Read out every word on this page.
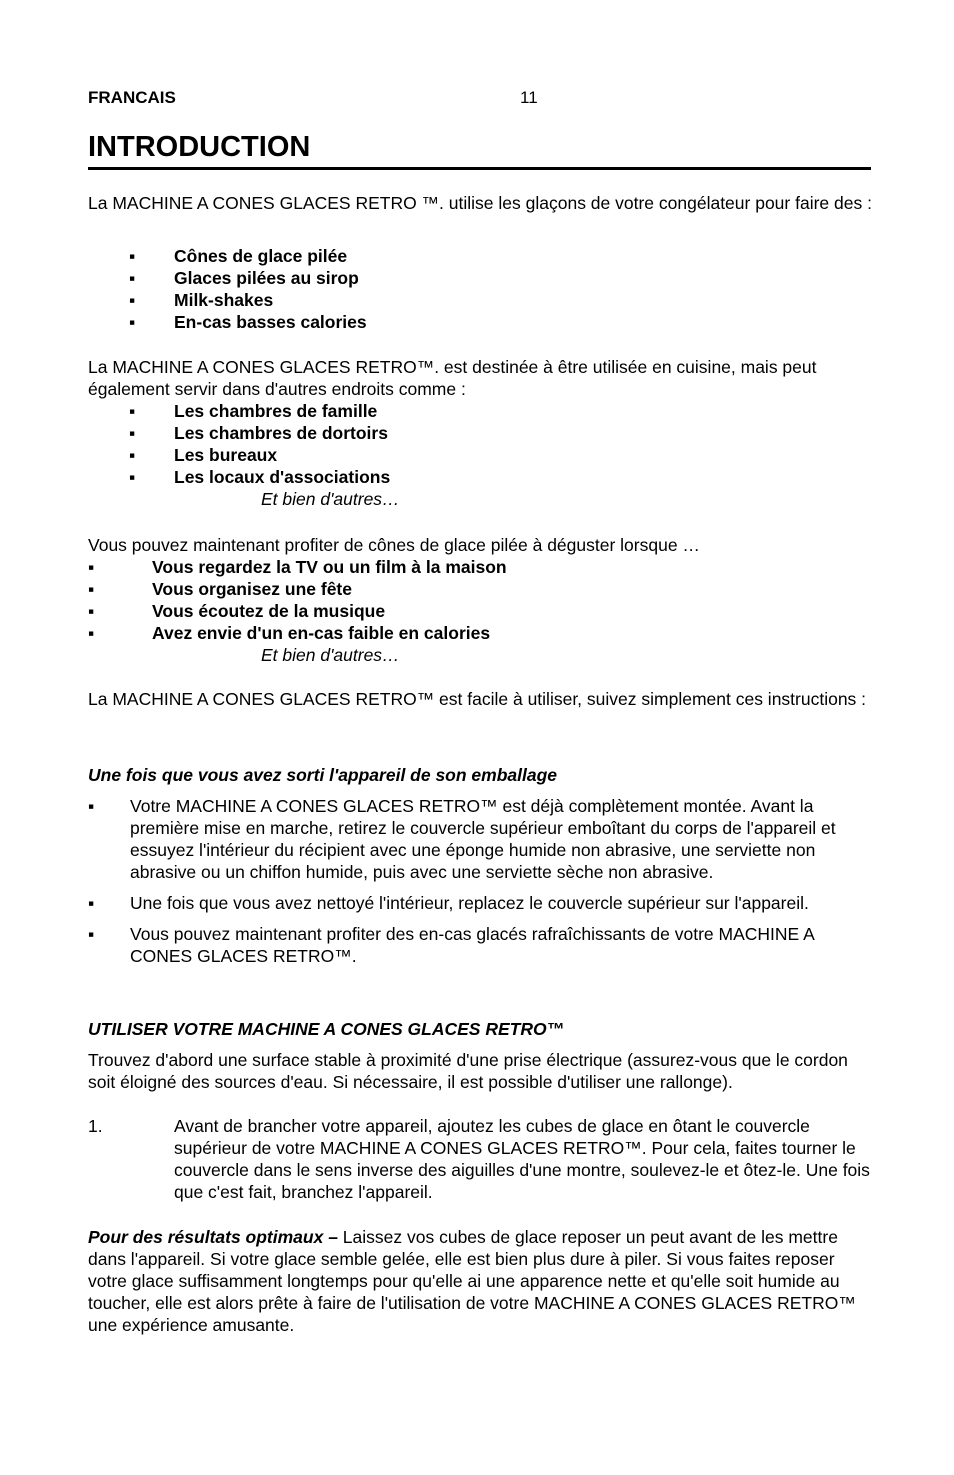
FRANCAIS	11
INTRODUCTION

La MACHINE A CONES GLACES RETRO ™. utilise les glaçons de votre congélateur pour faire des :

▪ Cônes de glace pilée
▪ Glaces pilées au sirop
▪ Milk-shakes
▪ En-cas basses calories

La MACHINE A CONES GLACES RETRO™. est destinée à être utilisée en cuisine, mais peut également servir dans d'autres endroits comme :

▪ Les chambres de famille
▪ Les chambres de dortoirs
▪ Les bureaux
▪ Les locaux d'associations
Et bien d'autres…

Vous pouvez maintenant profiter de cônes de glace pilée à déguster lorsque …

▪	Vous regardez la TV ou un film à la maison
▪	Vous organisez une fête
▪	Vous écoutez de la musique
▪	Avez envie d'un en-cas faible en calories
Et bien d'autres…

La MACHINE A CONES GLACES RETRO™ est facile à utiliser, suivez simplement ces instructions :

Une fois que vous avez sorti l'appareil de son emballage

▪ Votre MACHINE A CONES GLACES RETRO™ est déjà complètement montée. Avant la première mise en marche, retirez le couvercle supérieur emboîtant du corps de l'appareil et essuyez l'intérieur du récipient avec une éponge humide non abrasive, une serviette non abrasive ou un chiffon humide, puis avec une serviette sèche non abrasive.
▪ Une fois que vous avez nettoyé l'intérieur, replacez le couvercle supérieur sur l'appareil.
▪ Vous pouvez maintenant profiter des en-cas glacés rafraîchissants de votre MACHINE A CONES GLACES RETRO™.

UTILISER VOTRE MACHINE A CONES GLACES RETRO™

Trouvez d'abord une surface stable à proximité d'une prise électrique (assurez-vous que le cordon soit éloigné des sources d'eau. Si nécessaire, il est possible d'utiliser une rallonge).

1.	Avant de brancher votre appareil, ajoutez les cubes de glace en ôtant le couvercle supérieur de votre MACHINE A CONES GLACES RETRO™. Pour cela, faites tourner le couvercle dans le sens inverse des aiguilles d'une montre, soulevez-le et ôtez-le. Une fois que c'est fait, branchez l'appareil.

Pour des résultats optimaux – Laissez vos cubes de glace reposer un peut avant de les mettre dans l'appareil. Si votre glace semble gelée, elle est bien plus dure à piler. Si vous faites reposer votre glace suffisamment longtemps pour qu'elle ai une apparence nette et qu'elle soit humide au toucher, elle est alors prête à faire de l'utilisation de votre MACHINE A CONES GLACES RETRO™ une expérience amusante.
